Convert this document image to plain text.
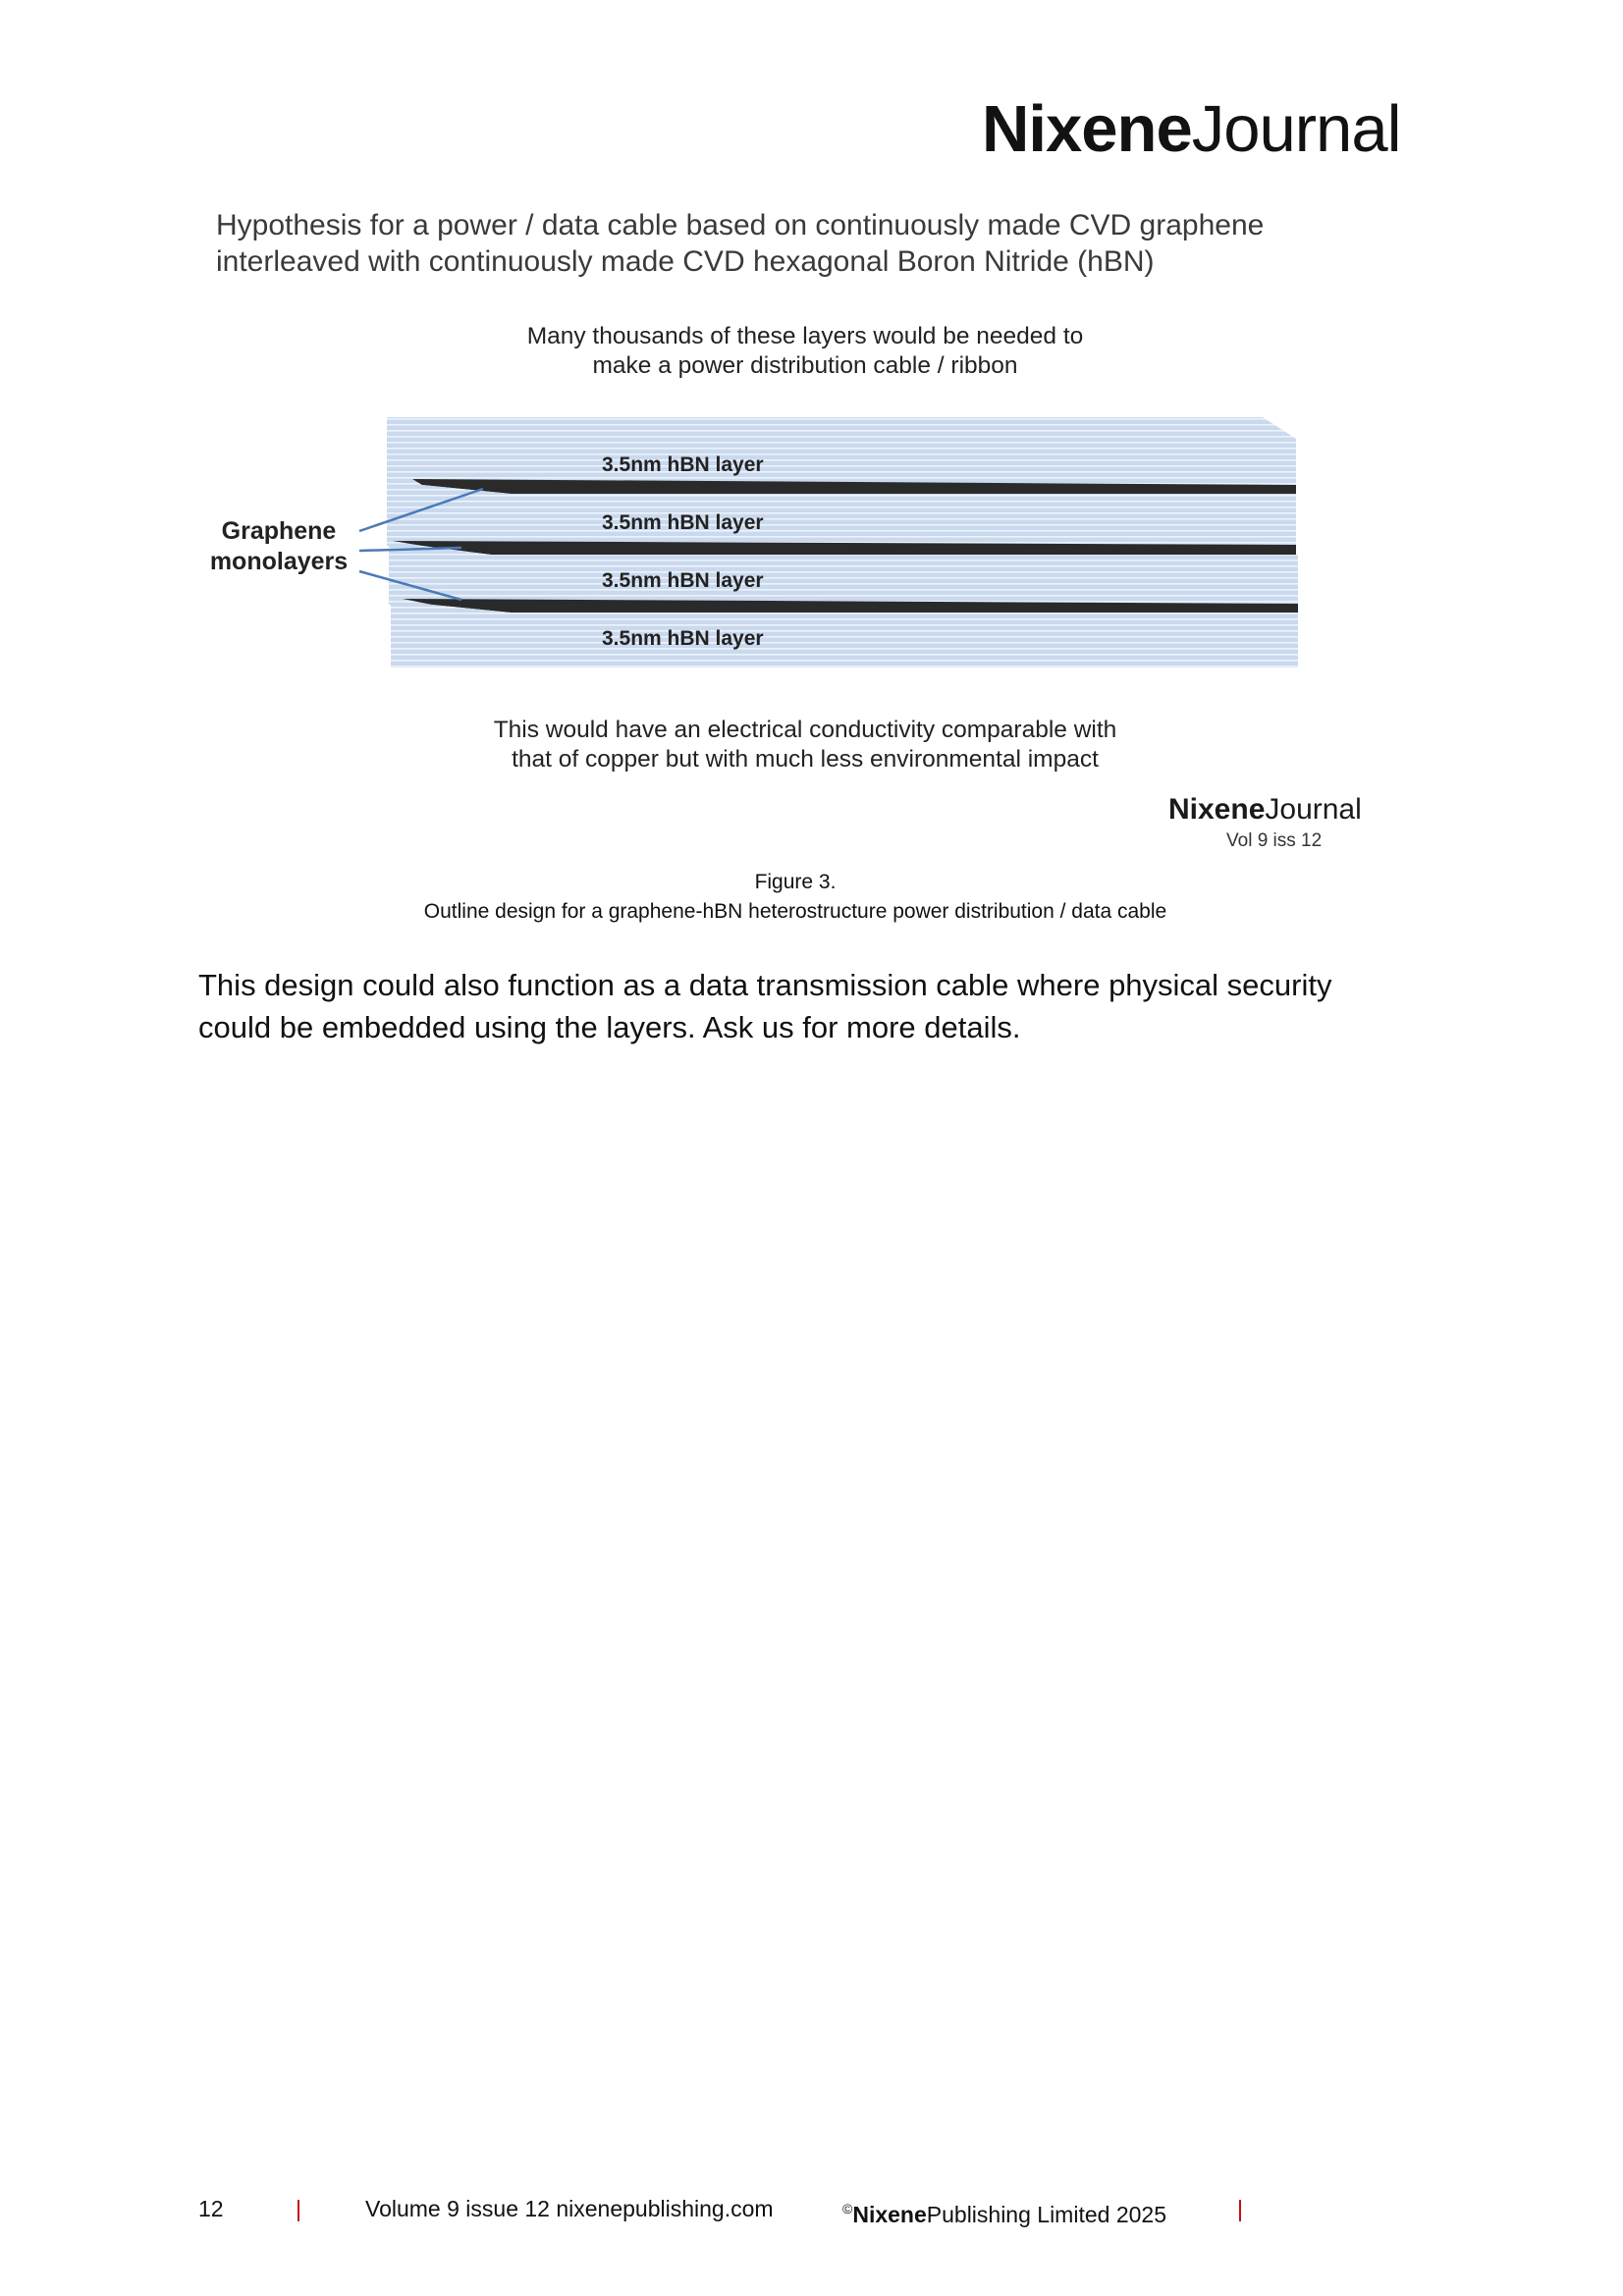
NixeneJournal
Hypothesis for a power / data cable based on continuously made CVD graphene
interleaved with continuously made CVD hexagonal Boron Nitride (hBN)
Many thousands of these layers would be needed to
make a power distribution cable / ribbon
3.5nm hBN layer
3.5nm hBN layer
3.5nm hBN layer
3.5nm hBN layer
Graphene
monolayers
This would have an electrical conductivity comparable with
that of copper but with much less environmental impact
NixeneJournal
Vol 9 iss 12
Figure 3.
Outline design for a graphene-hBN heterostructure power distribution / data cable
This design could also function as a data transmission cable where physical security
could be embedded using the layers. Ask us for more details.
12	|	Volume 9 issue 12 nixenepublishing.com	©NixenePublishing Limited 2025	|
